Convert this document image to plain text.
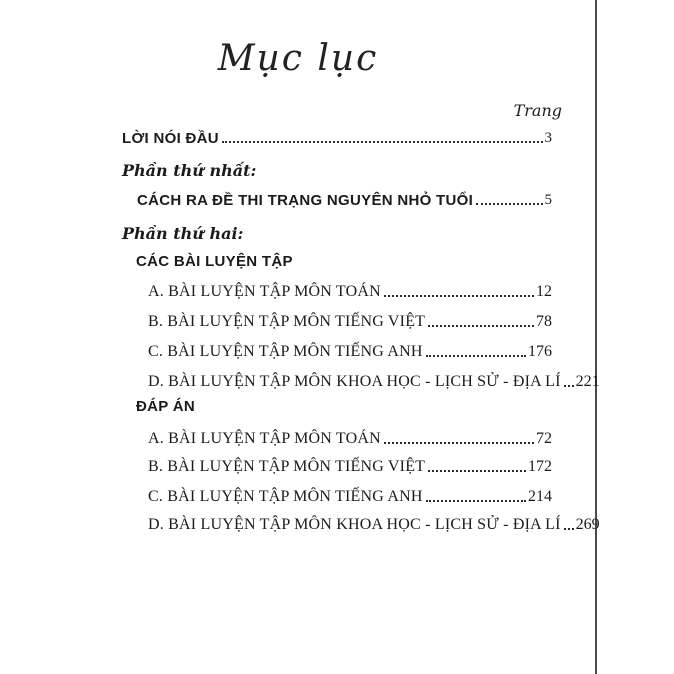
Mục lục
Trang
LỜI NÓI ĐẦU	3
Phần thứ nhất:
CÁCH RA ĐỀ THI TRẠNG NGUYÊN NHỎ TUỔI	5
Phần thứ hai:
CÁC BÀI LUYỆN TẬP
A. BÀI LUYỆN TẬP MÔN TOÁN	12
B. BÀI LUYỆN TẬP MÔN TIẾNG VIỆT	78
C. BÀI LUYỆN TẬP MÔN TIẾNG ANH	176
D. BÀI LUYỆN TẬP MÔN KHOA HỌC - LỊCH SỬ - ĐỊA LÍ 221
ĐÁP ÁN
A. BÀI LUYỆN TẬP MÔN TOÁN	72
B. BÀI LUYỆN TẬP MÔN TIẾNG VIỆT	172
C. BÀI LUYỆN TẬP MÔN TIẾNG ANH	214
D. BÀI LUYỆN TẬP MÔN KHOA HỌC - LỊCH SỬ - ĐỊA LÍ 269
